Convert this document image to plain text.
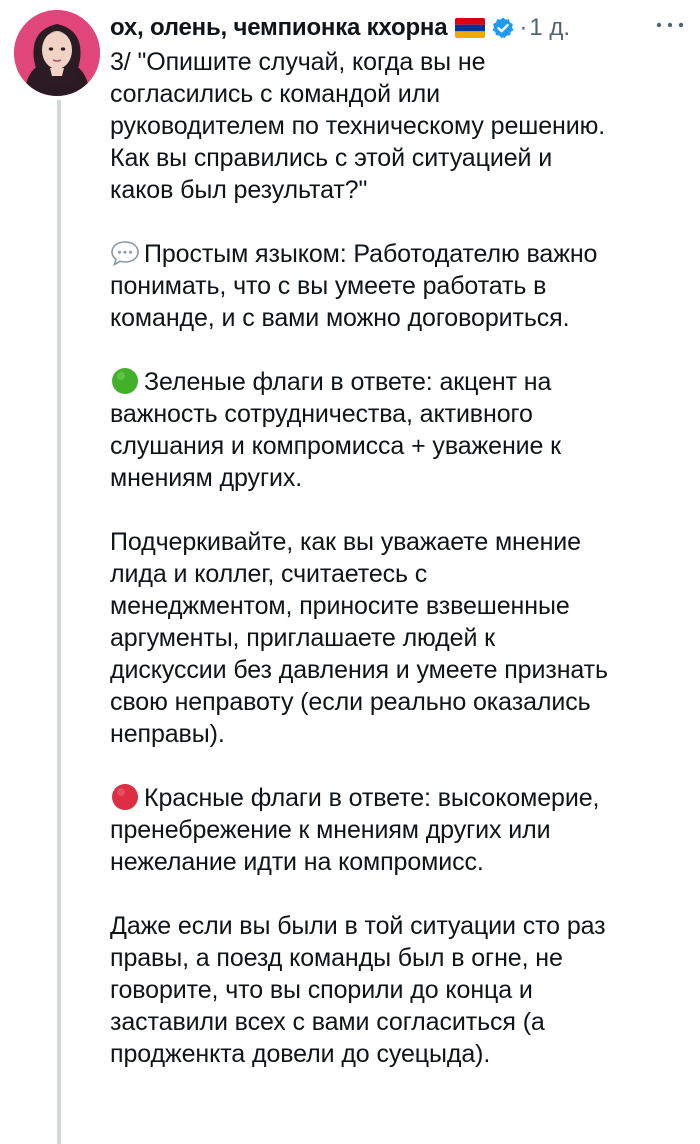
ох, олень, чемпионка кхорна	· 1 д.

3/ "Опишите случай, когда вы не
согласились с командой или
руководителем по техническому решению.
Как вы справились с этой ситуацией и
каков был результат?"

Простым языком: Работодателю важно
понимать, что с вы умеете работать в
команде, и с вами можно договориться.

Зеленые флаги в ответе: акцент на
важность сотрудничества, активного
слушания и компромисса + уважение к
мнениям других.

Подчеркивайте, как вы уважаете мнение
лида и коллег, считаетесь с
менеджментом, приносите взвешенные
аргументы, приглашаете людей к
дискуссии без давления и умеете признать
свою неправоту (если реально оказались
неправы).

Красные флаги в ответе: высокомерие,
пренебрежение к мнениям других или
нежелание идти на компромисс.

Даже если вы были в той ситуации сто раз
правы, а поезд команды был в огне, не
говорите, что вы спорили до конца и
заставили всех с вами согласиться (а
продженкта довели до суецыда).
